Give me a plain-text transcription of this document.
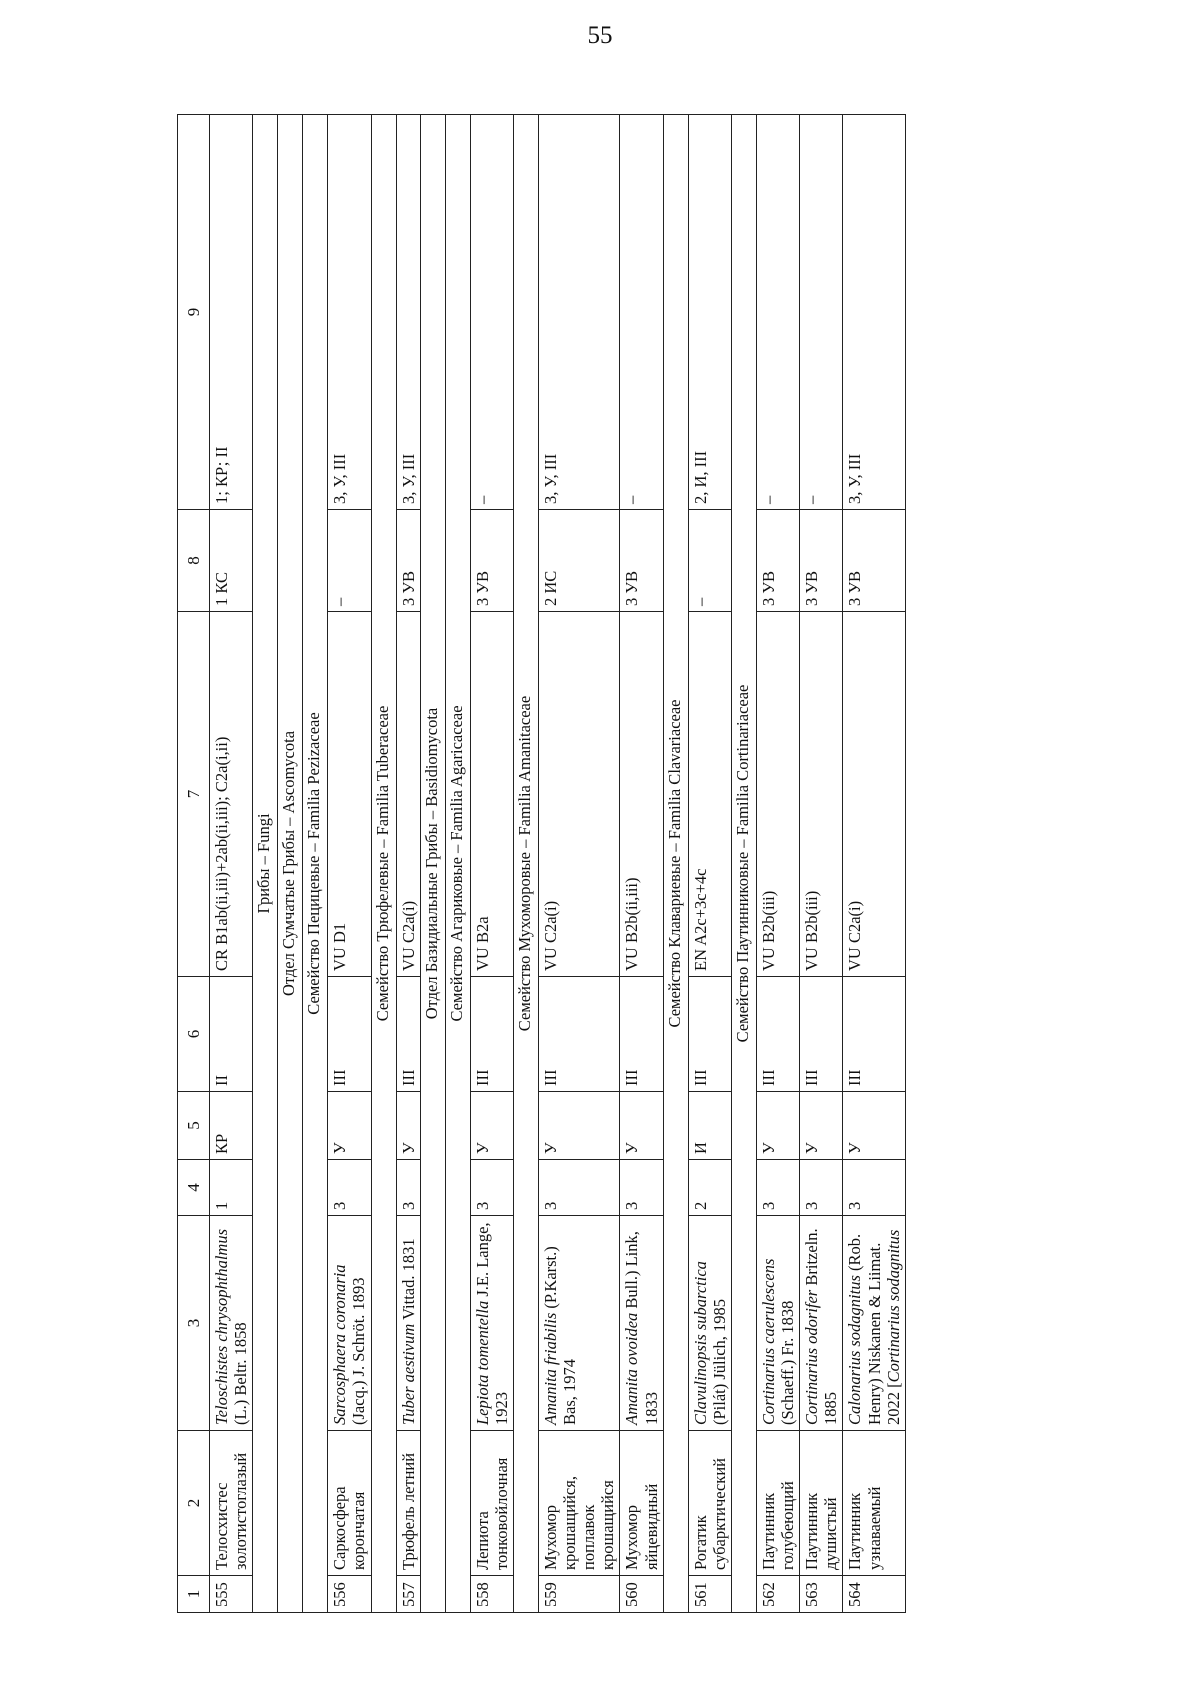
55
1	2	3	4	5	6	7	8	9
555	Телосхистес золотистоглазый	Teloschistes chrysophthalmus (L.) Beltr. 1858	1	КР	II	CR B1ab(ii,iii)+2ab(ii,iii); C2a(i,ii)	1 КС	1; КР; II
Грибы – Fungi								
Отдел Сумчатые Грибы – Ascomycota								
Семейство Пецицевые – Familia Pezizaceae								
556	Саркосфера корончатая	Sarcosphaera coronaria (Jacq.) J. Schröt. 1893	3	У	III	VU D1	–	3, У, III
Семейство Трюфелевые – Familia Tuberaceae								
557	Трюфель летний	Tuber aestivum Vittad. 1831	3	У	III	VU C2a(i)	3 УВ	3, У, III
Отдел Базидиальные Грибы – Basidiomycota								
Семейство Агариковые – Familia Agaricaceae								
558	Лепиота тонковойлочная	Lepiota tomentella J.E. Lange, 1923	3	У	III	VU B2a	3 УВ	–
Семейство Мухоморовые – Familia Amanitaceae								
559	Мухомор крошащийся, поплавок крошащийся	Amanita friabilis (P.Karst.) Bas, 1974	3	У	III	VU C2a(i)	2 ИС	3, У, III
560	Мухомор яйцевидный	Amanita ovoidea Bull.) Link, 1833	3	У	III	VU B2b(ii,iii)	3 УВ	–
Семейство Клавариевые – Familia Clavariaceae								
561	Рогатик субарктический	Clavulinopsis subarctica (Pilát) Jülich, 1985	2	И	III	EN A2c+3c+4c	–	2, И, III
Семейство Паутинниковые – Familia Cortinariaceae								
562	Паутинник голубеющий	Cortinarius caerulescens (Schaeff.) Fr. 1838	3	У	III	VU B2b(iii)	3 УВ	–
563	Паутинник душистый	Cortinarius odorifer Britzeln. 1885	3	У	III	VU B2b(iii)	3 УВ	–
564	Паутинник узнаваемый	Calonarius sodagnitus (Rob. Henry) Niskanen & Liimat. 2022 [Cortinarius sodagnitus	3	У	III	VU C2a(i)	3 УВ	3, У, III
